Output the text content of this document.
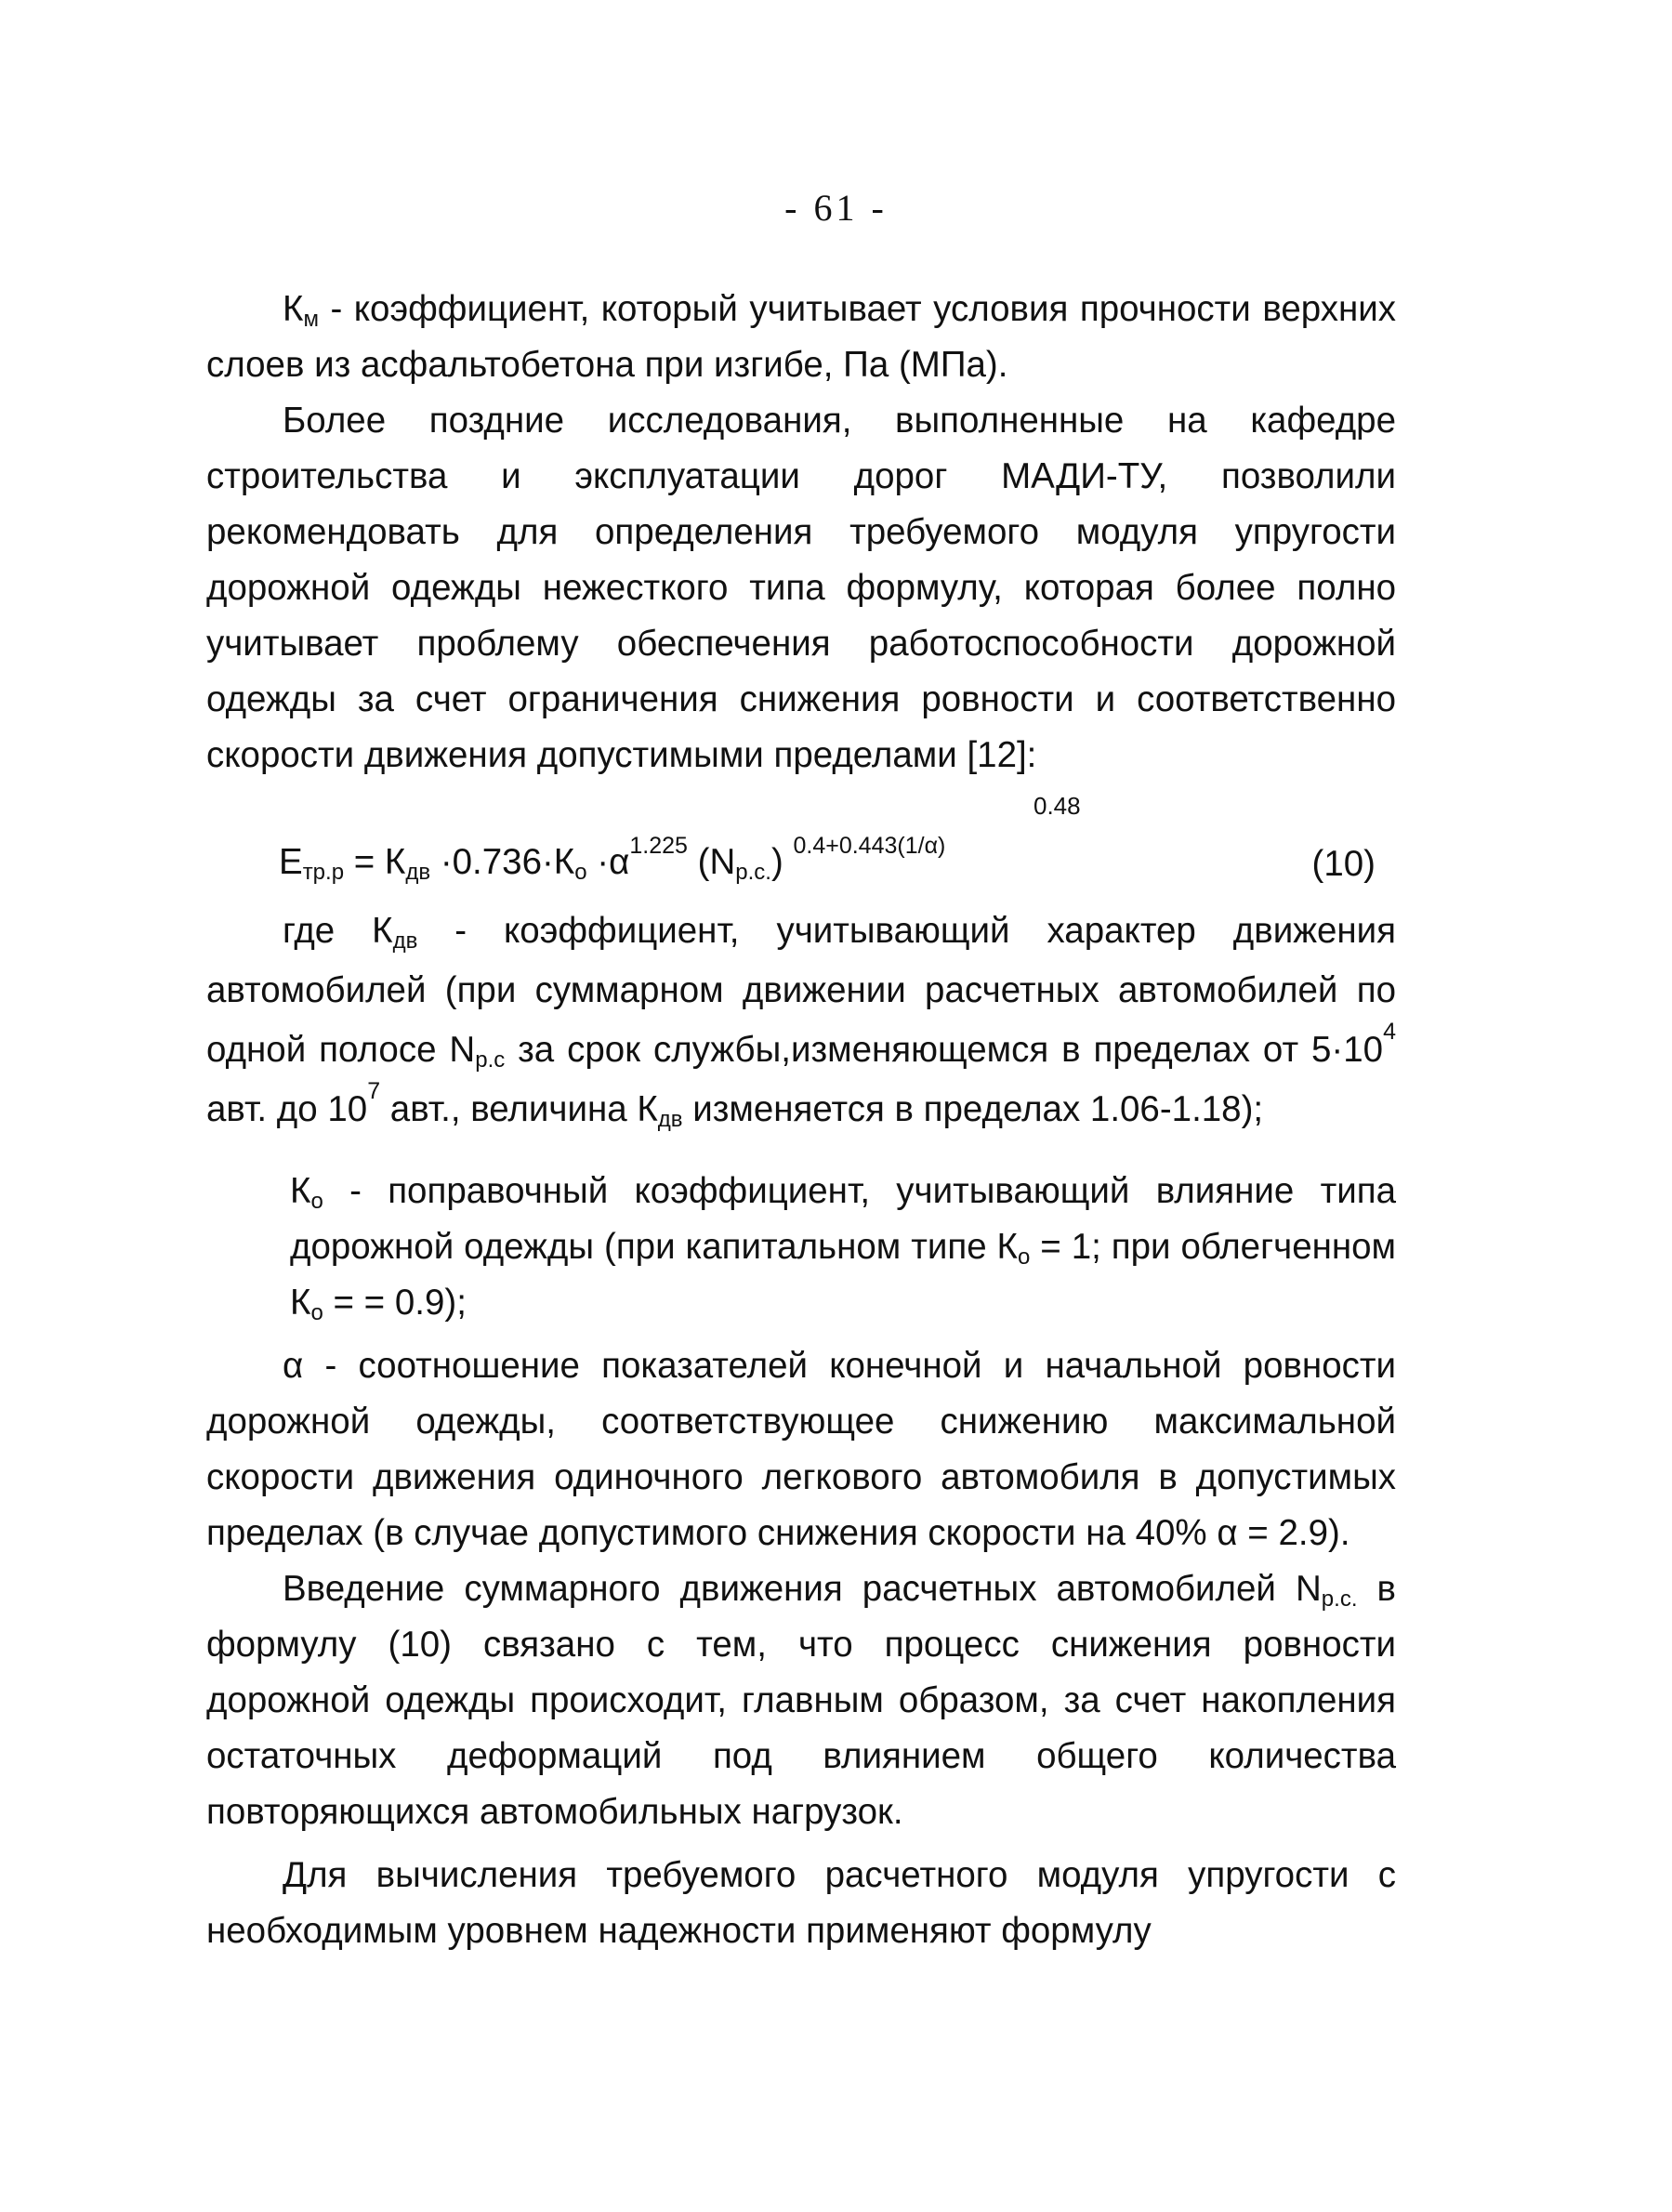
- 61 -

$К_м$ - коэффициент, который учитывает условия прочности верхних слоев из асфальтобетона при изгибе, Па (МПа).

Более поздние исследования, выполненные на кафедре строительства и эксплуатации дорог МАДИ-ТУ, позволили рекомендовать для определения требуемого модуля упругости дорожной одежды нежесткого типа формулу, которая более полно учитывает проблему обеспечения работоспособности дорожной одежды за счет ограничения снижения ровности и соответственно скорости движения допустимыми пределами [12]:

0.48
$Е_{тр.р} = К_{дв} \cdot 0.736\cdot К_о \cdot\alpha^{1.225}$ $(N_{p.c.})$ $^{0.4+0.443(1/\alpha)}$	(10)

где $К_{дв}$ - коэффициент, учитывающий характер движения автомобилей (при суммарном движении расчетных автомобилей по одной полосе $N_{р.с}$ за срок службы,изменяющемся в пределах от $5\cdot 10^4$ авт. до $10^7$ авт., величина $К_{дв}$ изменяется в пределах 1.06-1.18);

$К_о$ - поправочный коэффициент, учитывающий влияние типа дорожной одежды (при капитальном типе $К_о = 1$; при облегченном $К_о$ = = 0.9);

α - соотношение показателей конечной и начальной ровности дорожной одежды, соответствующее снижению максимальной скорости движения одиночного легкового автомобиля в допустимых пределах (в случае допустимого снижения скорости на 40% α = 2.9).

Введение суммарного движения расчетных автомобилей $N_{р.с.}$ в формулу (10) связано с тем, что процесс снижения ровности дорожной одежды происходит, главным образом, за счет накопления остаточных деформаций под влиянием общего количества повторяющихся автомобильных нагрузок.

Для вычисления требуемого расчетного модуля упругости с необходимым уровнем надежности применяют формулу
